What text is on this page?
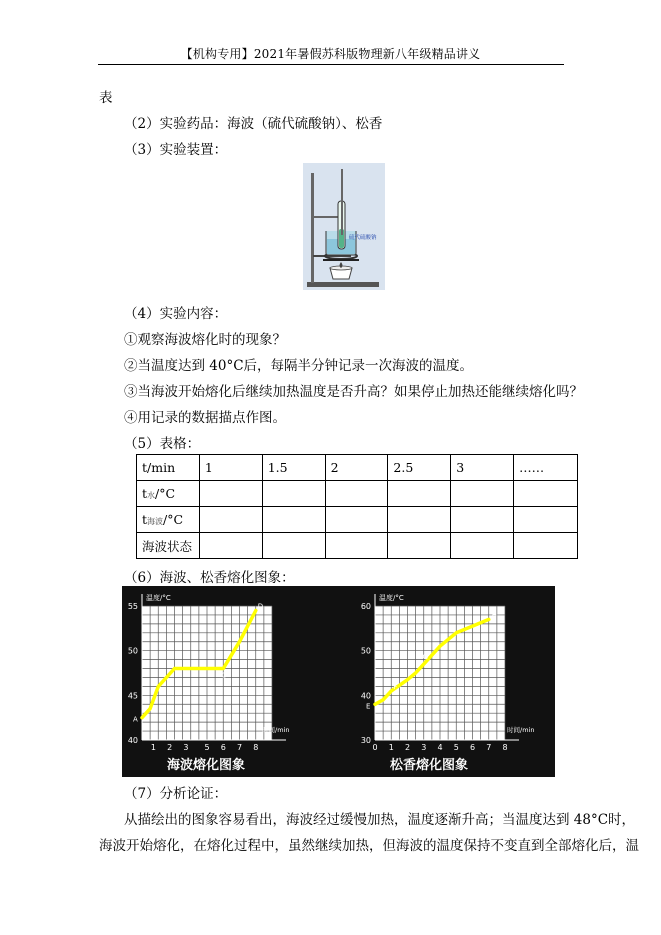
【机构专用】2021年暑假苏科版物理新八年级精品讲义
表
（2）实验药品：海波（硫代硫酸钠）、松香
（3）实验装置：
硫代硫酸钠
（4）实验内容：
①观察海波熔化时的现象？
②当温度达到 40°C后，每隔半分钟记录一次海波的温度。
③当海波开始熔化后继续加热温度是否升高？如果停止加热还能继续熔化吗？
④用记录的数据描点作图。
（5）表格：
t/min	1	1.5	2	2.5	3	……
t水/°C						
t海波/°C						
海波状态						
（6）海波、松香熔化图象：
40
45
50
55
1 2 3 5 6 7 8
温度/°C
时间/min
A
B
C
D
海波熔化图象
30
40
50
60
0 1 2 3 4 5 6 7 8
温度/°C
时间/min
E
F
G
H
松香熔化图象
（7）分析论证：
从描绘出的图象容易看出，海波经过缓慢加热，温度逐渐升高；当温度达到 48°C时，
海波开始熔化，在熔化过程中，虽然继续加热，但海波的温度保持不变直到全部熔化后，温
